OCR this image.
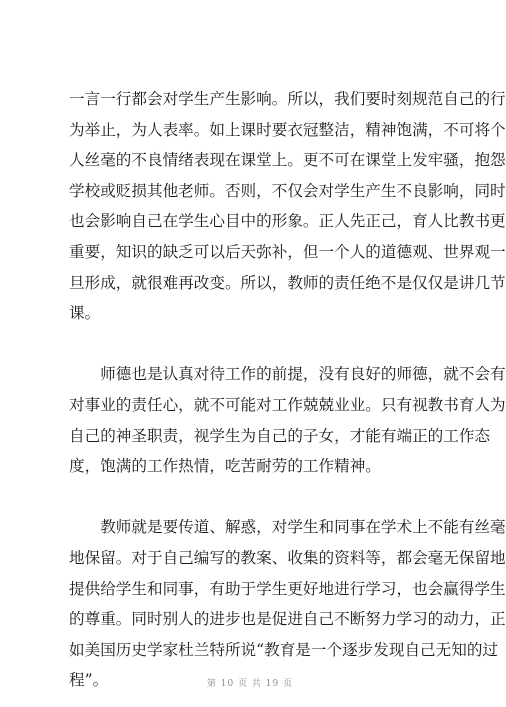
一言一行都会对学生产生影响。所以，我们要时刻规范自己的行
为举止，为人表率。如上课时要衣冠整洁，精神饱满，不可将个
人丝毫的不良情绪表现在课堂上。更不可在课堂上发牢骚，抱怨
学校或贬损其他老师。否则，不仅会对学生产生不良影响，同时
也会影响自己在学生心目中的形象。正人先正己，育人比教书更
重要，知识的缺乏可以后天弥补，但一个人的道德观、世界观一
旦形成，就很难再改变。所以，教师的责任绝不是仅仅是讲几节
课。
　　师德也是认真对待工作的前提，没有良好的师德，就不会有
对事业的责任心，就不可能对工作兢兢业业。只有视教书育人为
自己的神圣职责，视学生为自己的子女，才能有端正的工作态
度，饱满的工作热情，吃苦耐劳的工作精神。
　　教师就是要传道、解惑，对学生和同事在学术上不能有丝毫
地保留。对于自己编写的教案、收集的资料等，都会毫无保留地
提供给学生和同事，有助于学生更好地进行学习，也会赢得学生
的尊重。同时别人的进步也是促进自己不断努力学习的动力，正
如美国历史学家杜兰特所说“教育是一个逐步发现自己无知的过
程”。	第 10 页 共 19 页
